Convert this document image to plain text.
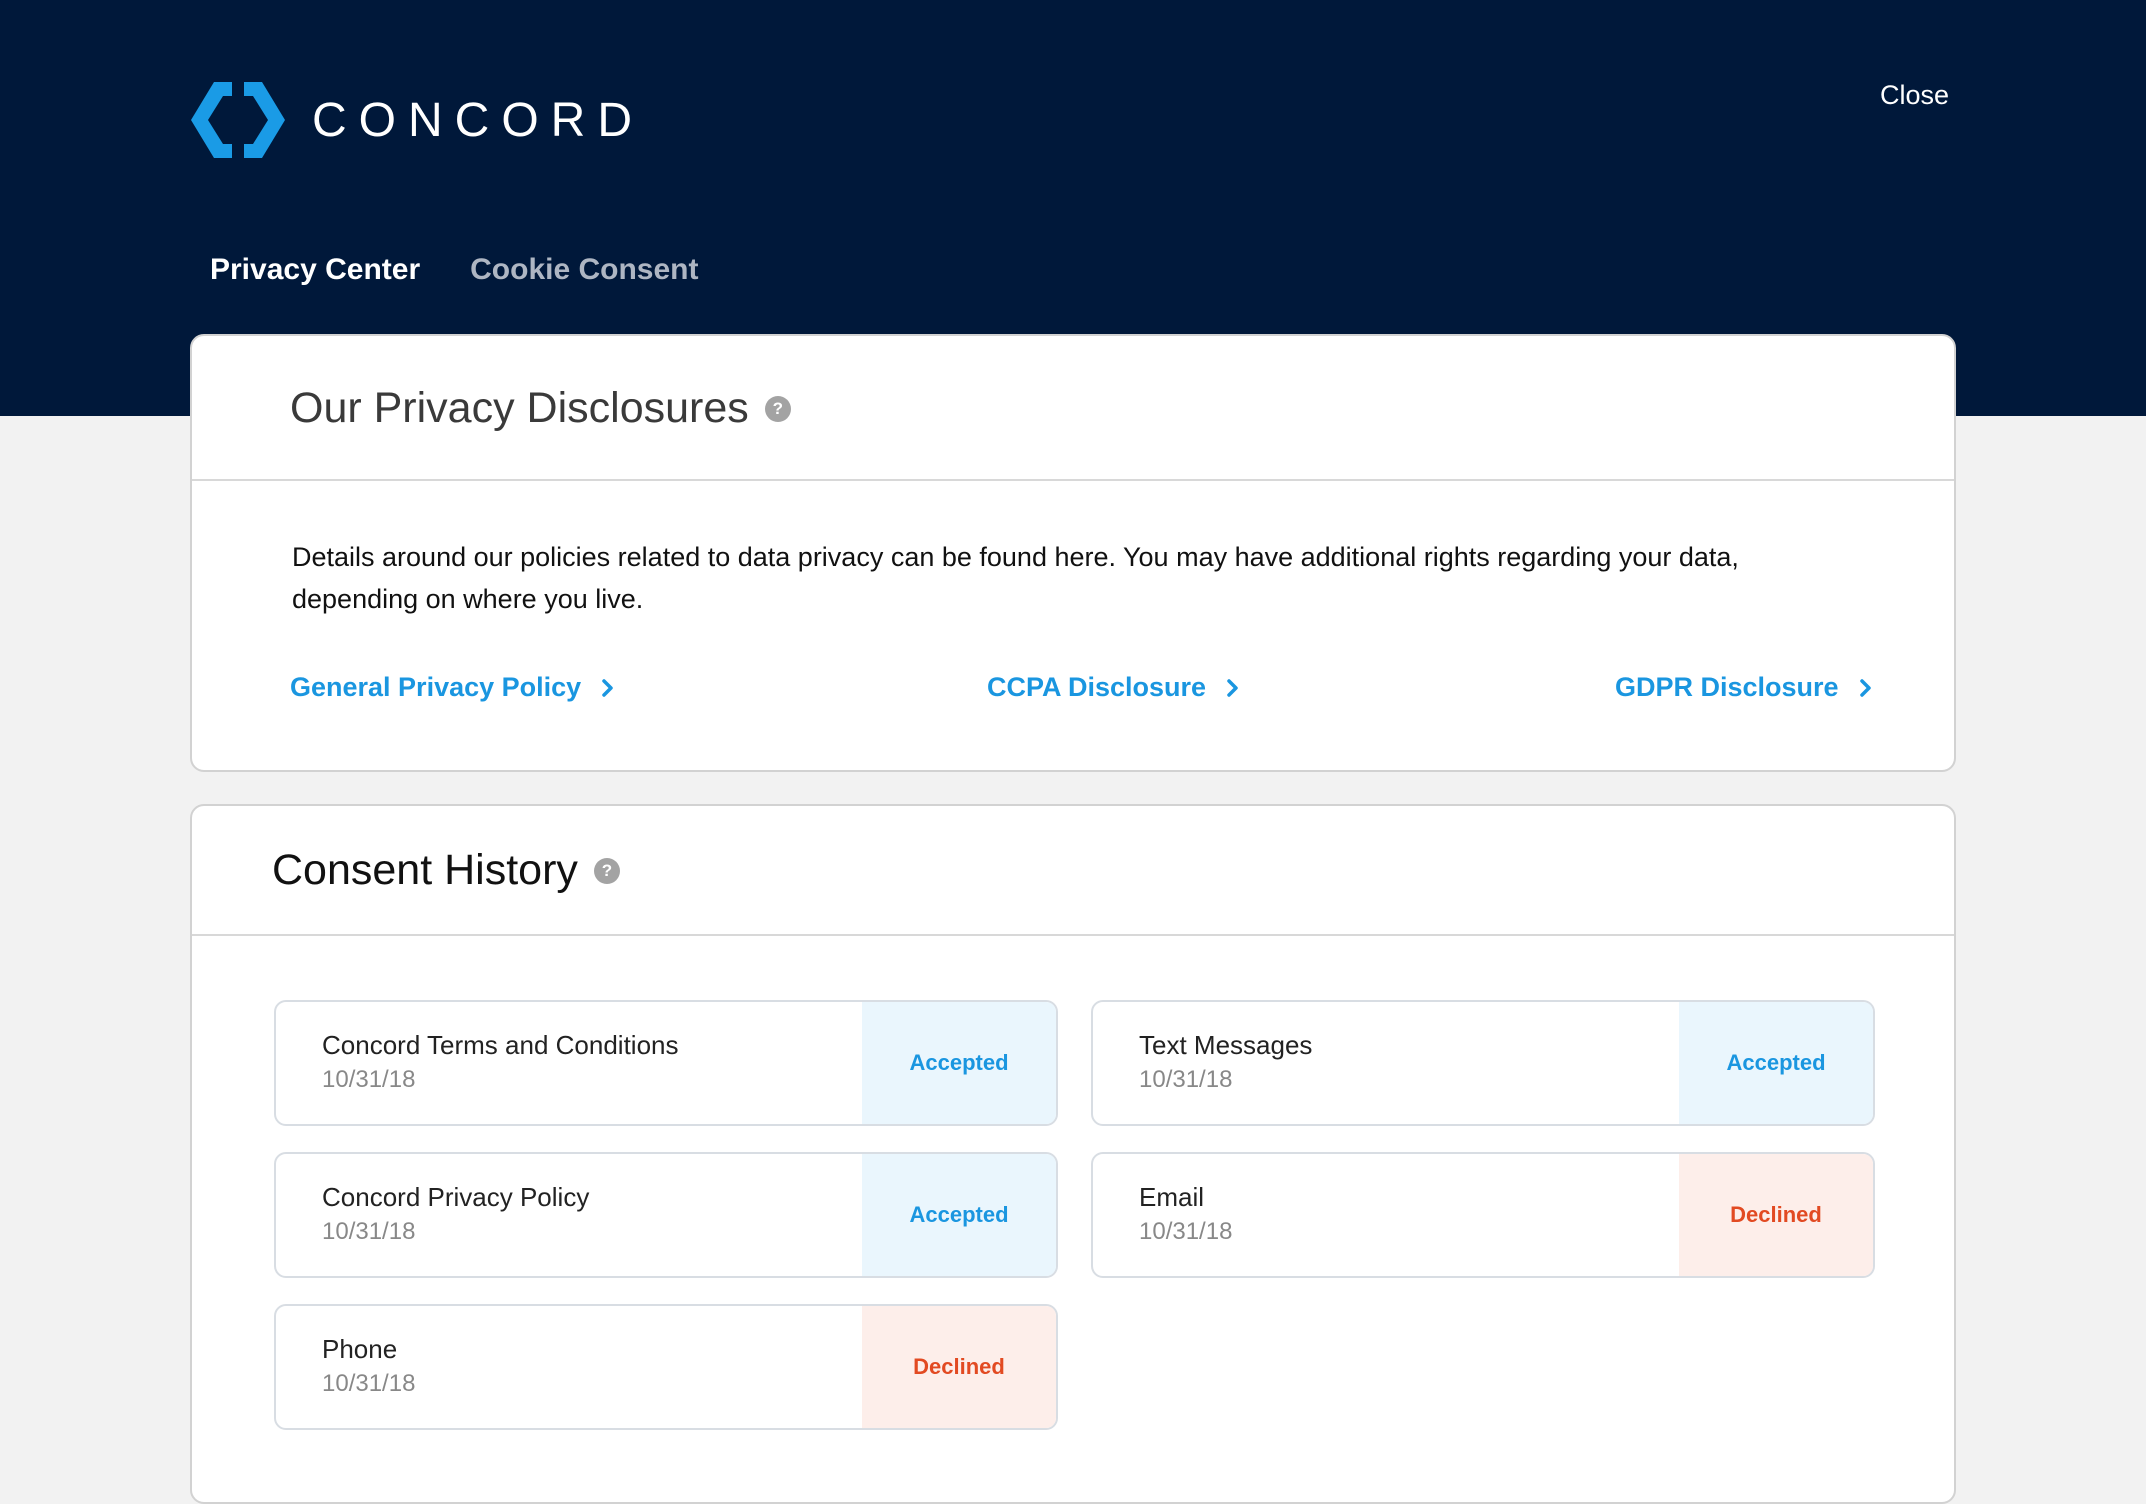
CONCORD	Close
Privacy Center Cookie Consent
Our Privacy Disclosures	?

Details around our policies related to data privacy can be found here. You may have additional rights regarding your data, depending on where you live.

General Privacy Policy	CCPA Disclosure	GDPR Disclosure
Consent History	?
Concord Terms and Conditions
10/31/18
Accepted
Text Messages
10/31/18
Accepted
Concord Privacy Policy
10/31/18
Accepted
Email
10/31/18
Declined
Phone
10/31/18
Declined
